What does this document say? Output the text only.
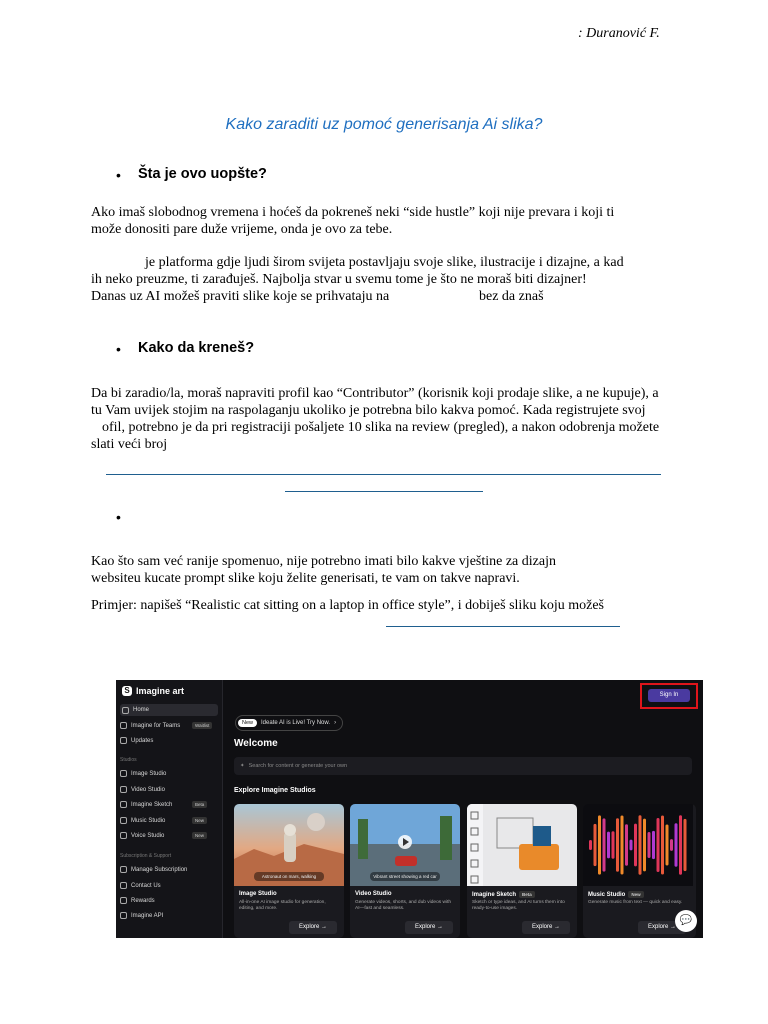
: Duranović F.
Kako zaraditi uz pomoć generisanja Ai slika?
• Šta je ovo uopšte?
Ako imaš slobodnog vremena i hoćeš da pokreneš neki “side hustle” koji nije prevara i koji ti
može donositi pare duže vrijeme, onda je ovo za tebe.
je platforma gdje ljudi širom svijeta postavljaju svoje slike, ilustracije i dizajne, a kad
ih neko preuzme, ti zarađuješ. Najbolja stvar u svemu tome je što ne moraš biti dizajner!
Danas uz AI možeš praviti slike koje se prihvataju na	bez da znaš
• Kako da kreneš?
Da bi zaradio/la, moraš napraviti profil kao “Contributor” (korisnik koji prodaje slike, a ne kupuje), a
tu Vam uvijek stojim na raspolaganju ukoliko je potrebna bilo kakva pomoć. Kada registrujete svoj
ofil, potrebno je da pri registraciji pošaljete 10 slika na review (pregled), a nakon odobrenja možete
slati veći broj
•
Kao što sam već ranije spomenuo, nije potrebno imati bilo kakve vještine za dizajn
websiteu kucate prompt slike koju želite generisati, te vam on takve napravi.
Primjer: napišeš “Realistic cat sitting on a laptop in office style”, i dobiješ sliku koju možeš
S Imagine art
Home
Imagine for Teams	Waitlist
Updates
Studios
Image Studio
Video Studio
Imagine Sketch	Beta
Music Studio	New
Voice Studio	New
Subscription & Support
Manage Subscription
Contact Us
Rewards
Imagine API
Sign In
New	Ideate AI is Live! Try Now. ›
Welcome
✦ Search for content or generate your own
Explore Imagine Studios
Astronaut on mars, walking
Image Studio
All-in-one AI image studio for generation, editing, and more.
Explore →
Vibrant street showing a red car
Video Studio
Generate videos, shorts, and dub videos with AI—fast and seamless.
Explore →
Imagine Sketch	Beta
Sketch or type ideas, and AI turns them into ready-to-use images.
Explore →
Music Studio	New
Generate music from text — quick and easy.
Explore →
💬
